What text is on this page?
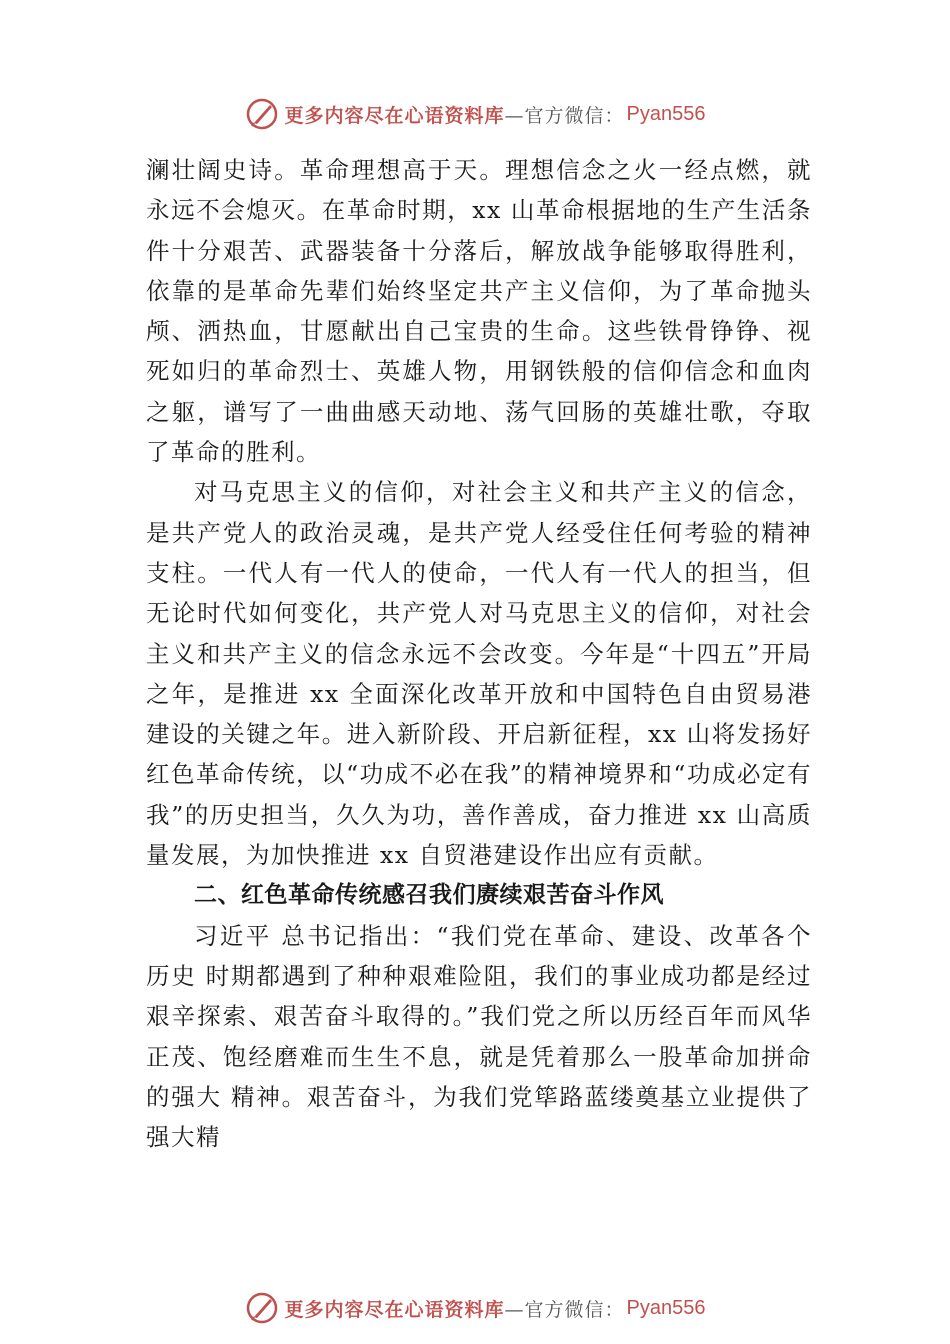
更多内容尽在心语资料库 —官方微信： Pyan556

澜壮阔史诗。革命理想高于天。理想信念之火一经点燃，就永远不会熄灭。在革命时期，xx 山革命根据地的生产生活条件十分艰苦、武器装备十分落后，解放战争能够取得胜利，依靠的是革命先辈们始终坚定共产主义信仰，为了革命抛头颅、洒热血，甘愿献出自己宝贵的生命。这些铁骨铮铮、视死如归的革命烈士、英雄人物，用钢铁般的信仰信念和血肉之躯，谱写了一曲曲感天动地、荡气回肠的英雄壮歌，夺取了革命的胜利。

对马克思主义的信仰，对社会主义和共产主义的信念，是共产党人的政治灵魂，是共产党人经受住任何考验的精神支柱。一代人有一代人的使命，一代人有一代人的担当，但无论时代如何变化，共产党人对马克思主义的信仰，对社会主义和共产主义的信念永远不会改变。今年是“十四五”开局之年，是推进 xx 全面深化改革开放和中国特色自由贸易港建设的关键之年。进入新阶段、开启新征程，xx 山将发扬好红色革命传统，以“功成不必在我”的精神境界和“功成必定有我”的历史担当，久久为功，善作善成，奋力推进 xx 山高质量发展，为加快推进 xx 自贸港建设作出应有贡献。

二、红色革命传统感召我们赓续艰苦奋斗作风

习近平 总书记指出：“我们党在革命、建设、改革各个历史 时期都遇到了种种艰难险阻，我们的事业成功都是经过艰辛探索、艰苦奋斗取得的。”我们党之所以历经百年而风华正茂、饱经磨难而生生不息，就是凭着那么一股革命加拼命的强大 精神。艰苦奋斗，为我们党筚路蓝缕奠基立业提供了强大精

更多内容尽在心语资料库 —官方微信： Pyan556
